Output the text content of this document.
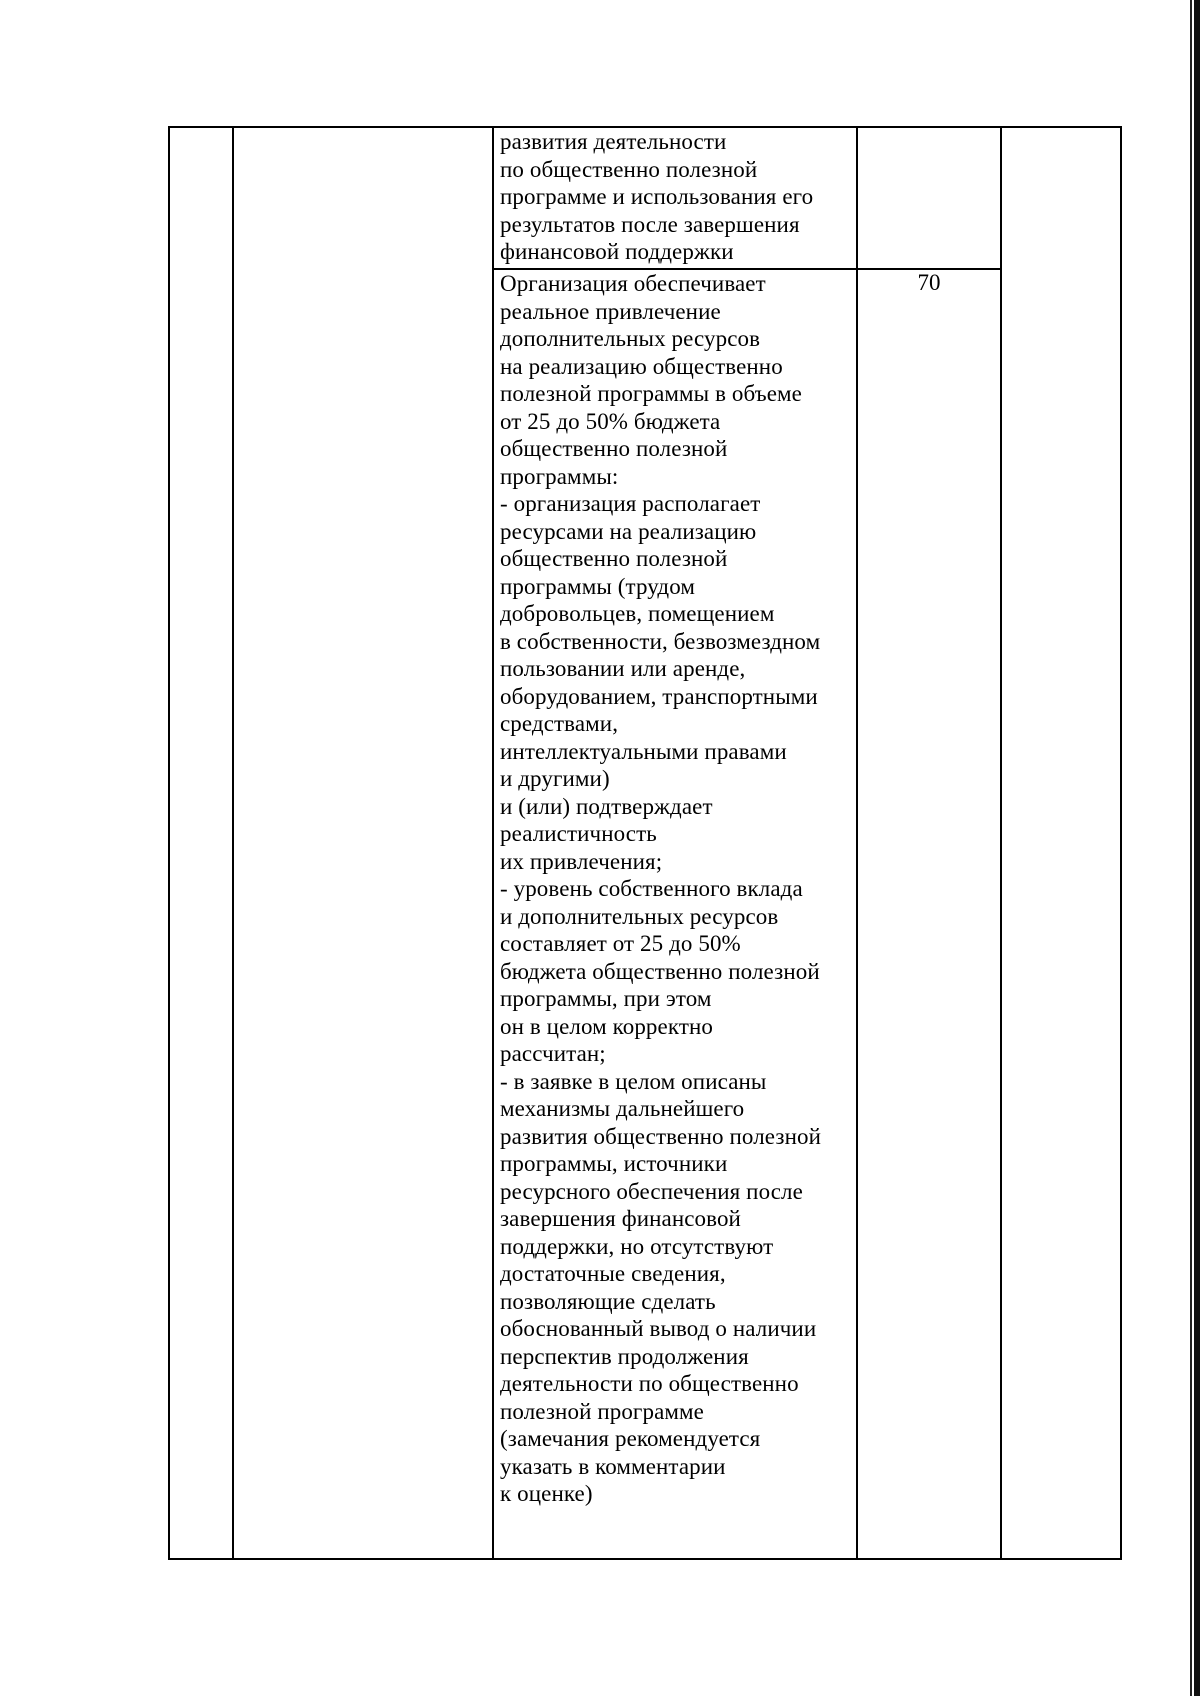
развития деятельности
по общественно полезной
программе и использования его
результатов после завершения
финансовой поддержки
Организация обеспечивает
реальное привлечение
дополнительных ресурсов
на реализацию общественно
полезной программы в объеме
от 25 до 50% бюджета
общественно полезной
программы:
- организация располагает
ресурсами на реализацию
общественно полезной
программы (трудом
добровольцев, помещением
в собственности, безвозмездном
пользовании или аренде,
оборудованием, транспортными
средствами,
интеллектуальными правами
и другими)
и (или) подтверждает
реалистичность
их привлечения;
- уровень собственного вклада
и дополнительных ресурсов
составляет от 25 до 50%
бюджета общественно полезной
программы, при этом
он в целом корректно
рассчитан;
- в заявке в целом описаны
механизмы дальнейшего
развития общественно полезной
программы, источники
ресурсного обеспечения после
завершения финансовой
поддержки, но отсутствуют
достаточные сведения,
позволяющие сделать
обоснованный вывод о наличии
перспектив продолжения
деятельности по общественно
полезной программе
(замечания рекомендуется
указать в комментарии
к оценке)
70
